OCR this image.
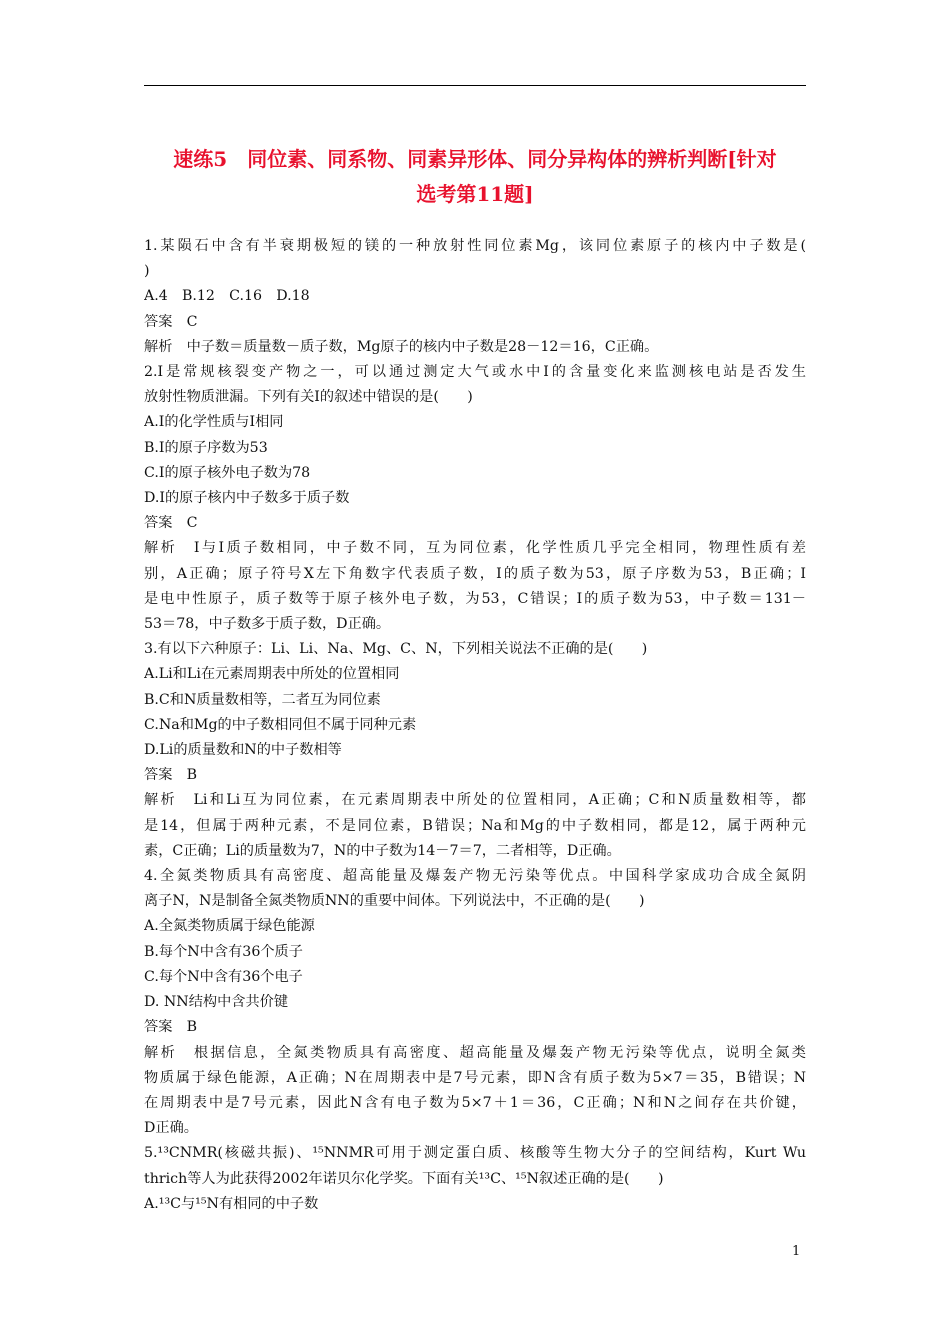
速练5　同位素、同系物、同素异形体、同分异构体的辨析判断[针对
选考第11题]
1.某陨石中含有半衰期极短的镁的一种放射性同位素Mg，该同位素原子的核内中子数是(
)
A.4　B.12　C.16　D.18
答案　C
解析　中子数＝质量数－质子数，Mg原子的核内中子数是28－12＝16，C正确。
2.I是常规核裂变产物之一，可以通过测定大气或水中I的含量变化来监测核电站是否发生
放射性物质泄漏。下列有关I的叙述中错误的是(　　)
A.I的化学性质与I相同
B.I的原子序数为53
C.I的原子核外电子数为78
D.I的原子核内中子数多于质子数
答案　C
解析　I与I质子数相同，中子数不同，互为同位素，化学性质几乎完全相同，物理性质有差
别，A正确；原子符号X左下角数字代表质子数，I的质子数为53，原子序数为53，B正确；I
是电中性原子，质子数等于原子核外电子数，为53，C错误；I的质子数为53，中子数＝131－
53＝78，中子数多于质子数，D正确。
3.有以下六种原子：Li、Li、Na、Mg、C、N，下列相关说法不正确的是(　　)
A.Li和Li在元素周期表中所处的位置相同
B.C和N质量数相等，二者互为同位素
C.Na和Mg的中子数相同但不属于同种元素
D.Li的质量数和N的中子数相等
答案　B
解析　Li和Li互为同位素，在元素周期表中所处的位置相同，A正确；C和N质量数相等，都
是14，但属于两种元素，不是同位素，B错误；Na和Mg的中子数相同，都是12，属于两种元
素，C正确；Li的质量数为7，N的中子数为14－7＝7，二者相等，D正确。
4.全氮类物质具有高密度、超高能量及爆轰产物无污染等优点。中国科学家成功合成全氮阴
离子N，N是制备全氮类物质NN的重要中间体。下列说法中，不正确的是(　　)
A.全氮类物质属于绿色能源
B.每个N中含有36个质子
C.每个N中含有36个电子
D. NN结构中含共价键
答案　B
解析　根据信息，全氮类物质具有高密度、超高能量及爆轰产物无污染等优点，说明全氮类
物质属于绿色能源，A正确；N在周期表中是7号元素，即N含有质子数为5×7＝35，B错误；N
在周期表中是7号元素，因此N含有电子数为5×7＋1＝36，C正确；N和N之间存在共价键，
D正确。
5.¹³CNMR(核磁共振)、¹⁵NNMR可用于测定蛋白质、核酸等生物大分子的空间结构，Kurt Wu
thrich等人为此获得2002年诺贝尔化学奖。下面有关¹³C、¹⁵N叙述正确的是(　　)
A.¹³C与¹⁵N有相同的中子数
1
